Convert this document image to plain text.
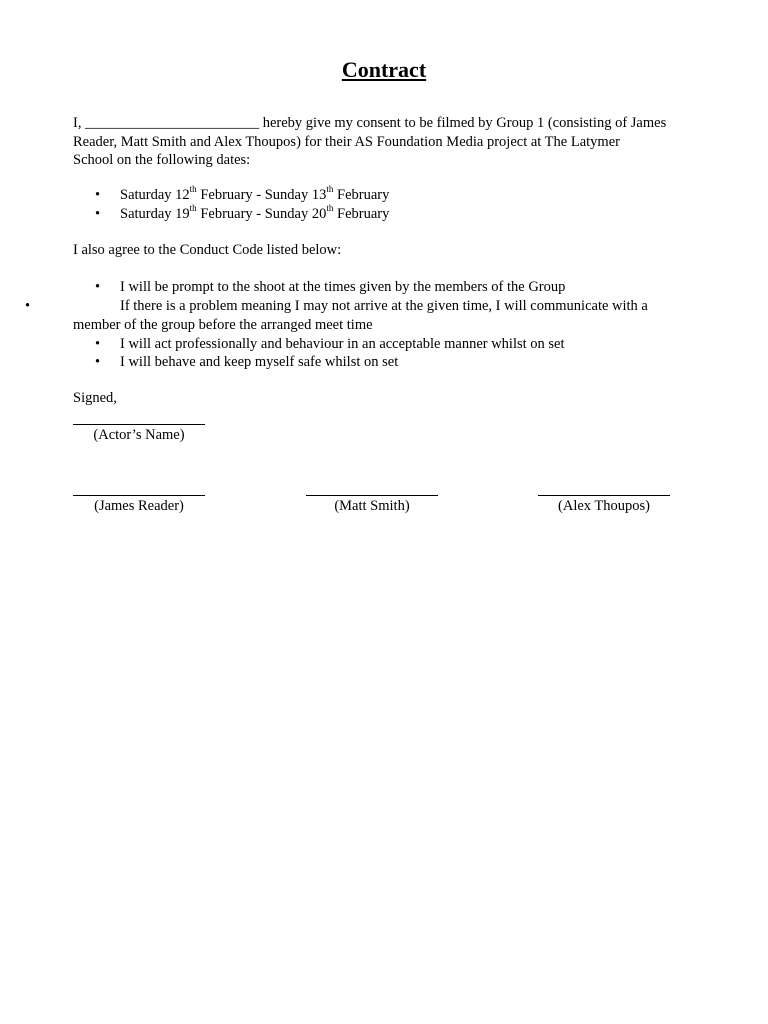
Contract
I, ________________________ hereby give my consent to be filmed by Group 1 (consisting of James
Reader, Matt Smith and Alex Thoupos) for their AS Foundation Media project at The Latymer
School on the following dates:
• Saturday 12th February - Sunday 13th February
• Saturday 19th February - Sunday 20th February
I also agree to the Conduct Code listed below:
• I will be prompt to the shoot at the times given by the members of the Group
•	If there is a problem meaning I may not arrive at the given time, I will communicate with a
member of the group before the arranged meet time
• I will act professionally and behaviour in an acceptable manner whilst on set
• I will behave and keep myself safe whilst on set
Signed,
(Actor’s Name)
(James Reader)	(Matt Smith)	(Alex Thoupos)
